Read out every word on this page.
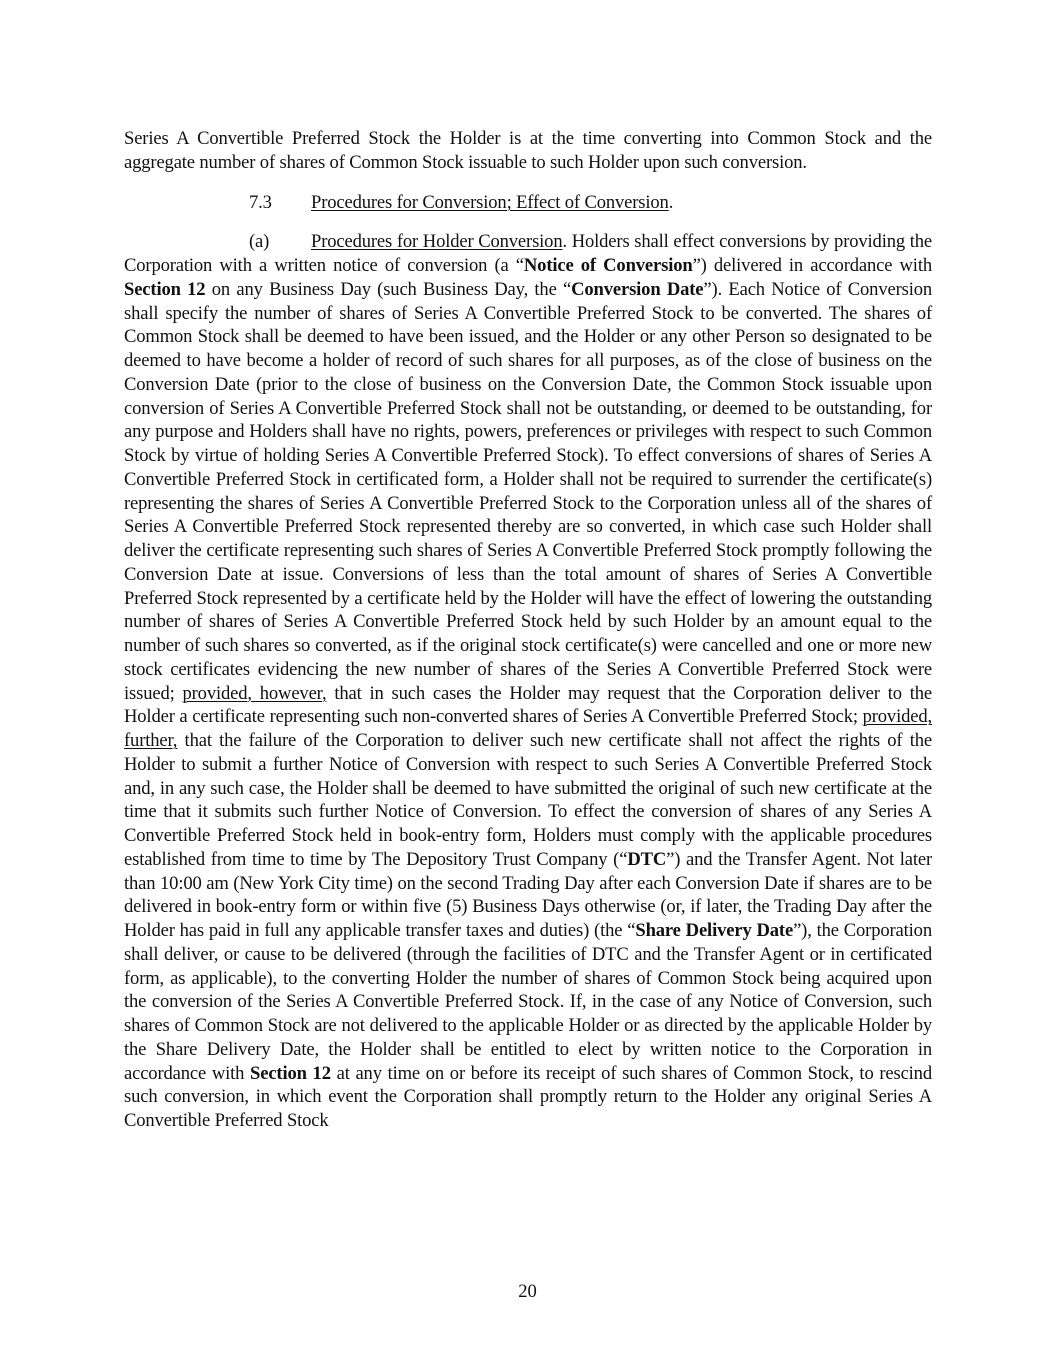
Series A Convertible Preferred Stock the Holder is at the time converting into Common Stock and the aggregate number of shares of Common Stock issuable to such Holder upon such conversion.

7.3 Procedures for Conversion; Effect of Conversion.

(a) Procedures for Holder Conversion. Holders shall effect conversions by providing the Corporation with a written notice of conversion (a “Notice of Conversion”) delivered in accordance with Section 12 on any Business Day (such Business Day, the “Conversion Date”). Each Notice of Conversion shall specify the number of shares of Series A Convertible Preferred Stock to be converted. The shares of Common Stock shall be deemed to have been issued, and the Holder or any other Person so designated to be deemed to have become a holder of record of such shares for all purposes, as of the close of business on the Conversion Date (prior to the close of business on the Conversion Date, the Common Stock issuable upon conversion of Series A Convertible Preferred Stock shall not be outstanding, or deemed to be outstanding, for any purpose and Holders shall have no rights, powers, preferences or privileges with respect to such Common Stock by virtue of holding Series A Convertible Preferred Stock). To effect conversions of shares of Series A Convertible Preferred Stock in certificated form, a Holder shall not be required to surrender the certificate(s) representing the shares of Series A Convertible Preferred Stock to the Corporation unless all of the shares of Series A Convertible Preferred Stock represented thereby are so converted, in which case such Holder shall deliver the certificate representing such shares of Series A Convertible Preferred Stock promptly following the Conversion Date at issue. Conversions of less than the total amount of shares of Series A Convertible Preferred Stock represented by a certificate held by the Holder will have the effect of lowering the outstanding number of shares of Series A Convertible Preferred Stock held by such Holder by an amount equal to the number of such shares so converted, as if the original stock certificate(s) were cancelled and one or more new stock certificates evidencing the new number of shares of the Series A Convertible Preferred Stock were issued; provided, however, that in such cases the Holder may request that the Corporation deliver to the Holder a certificate representing such non-converted shares of Series A Convertible Preferred Stock; provided, further, that the failure of the Corporation to deliver such new certificate shall not affect the rights of the Holder to submit a further Notice of Conversion with respect to such Series A Convertible Preferred Stock and, in any such case, the Holder shall be deemed to have submitted the original of such new certificate at the time that it submits such further Notice of Conversion. To effect the conversion of shares of any Series A Convertible Preferred Stock held in book-entry form, Holders must comply with the applicable procedures established from time to time by The Depository Trust Company (“DTC”) and the Transfer Agent. Not later than 10:00 am (New York City time) on the second Trading Day after each Conversion Date if shares are to be delivered in book-entry form or within five (5) Business Days otherwise (or, if later, the Trading Day after the Holder has paid in full any applicable transfer taxes and duties) (the “Share Delivery Date”), the Corporation shall deliver, or cause to be delivered (through the facilities of DTC and the Transfer Agent or in certificated form, as applicable), to the converting Holder the number of shares of Common Stock being acquired upon the conversion of the Series A Convertible Preferred Stock. If, in the case of any Notice of Conversion, such shares of Common Stock are not delivered to the applicable Holder or as directed by the applicable Holder by the Share Delivery Date, the Holder shall be entitled to elect by written notice to the Corporation in accordance with Section 12 at any time on or before its receipt of such shares of Common Stock, to rescind such conversion, in which event the Corporation shall promptly return to the Holder any original Series A Convertible Preferred Stock

20
